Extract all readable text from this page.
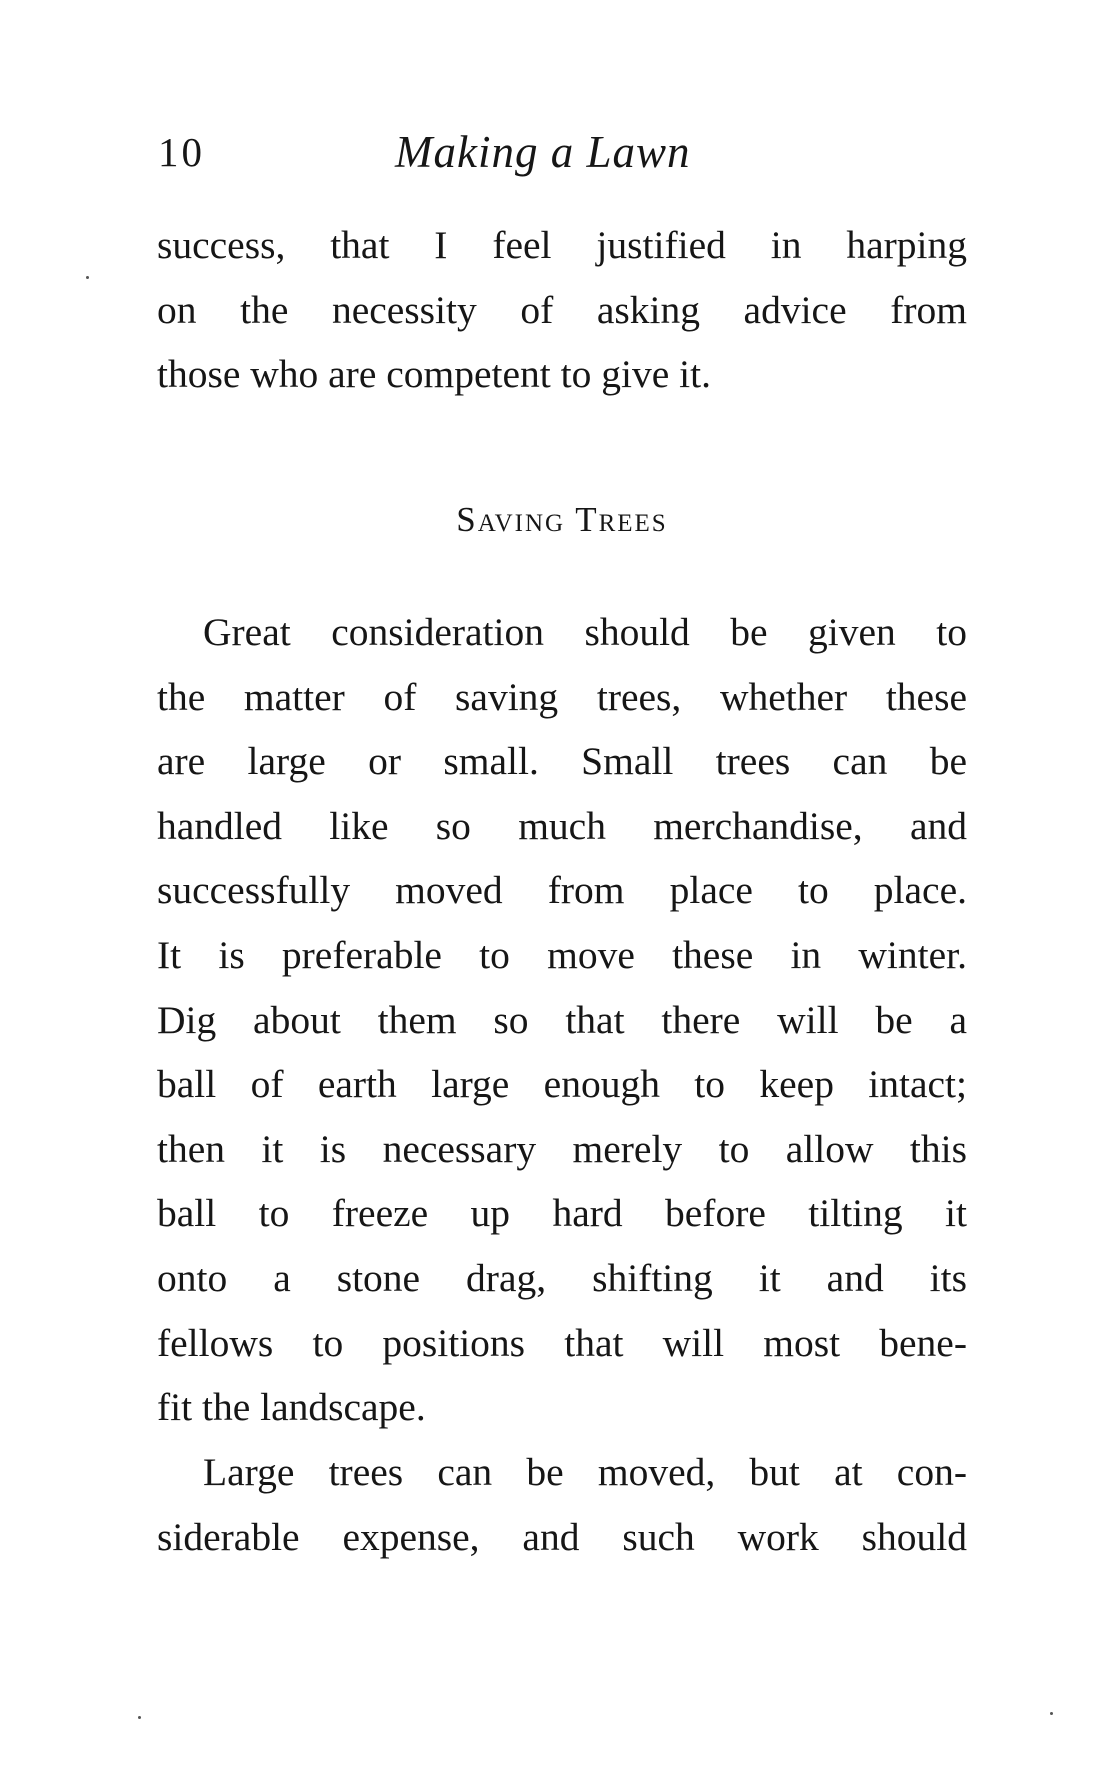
10	Making a Lawn
success, that I feel justified in harping
on the necessity of asking advice from
those who are competent to give it.
Saving Trees
Great consideration should be given to
the matter of saving trees, whether these
are large or small. Small trees can be
handled like so much merchandise, and
successfully moved from place to place.
It is preferable to move these in winter.
Dig about them so that there will be a
ball of earth large enough to keep intact;
then it is necessary merely to allow this
ball to freeze up hard before tilting it
onto a stone drag, shifting it and its
fellows to positions that will most bene-
fit the landscape.
Large trees can be moved, but at con-
siderable expense, and such work should
